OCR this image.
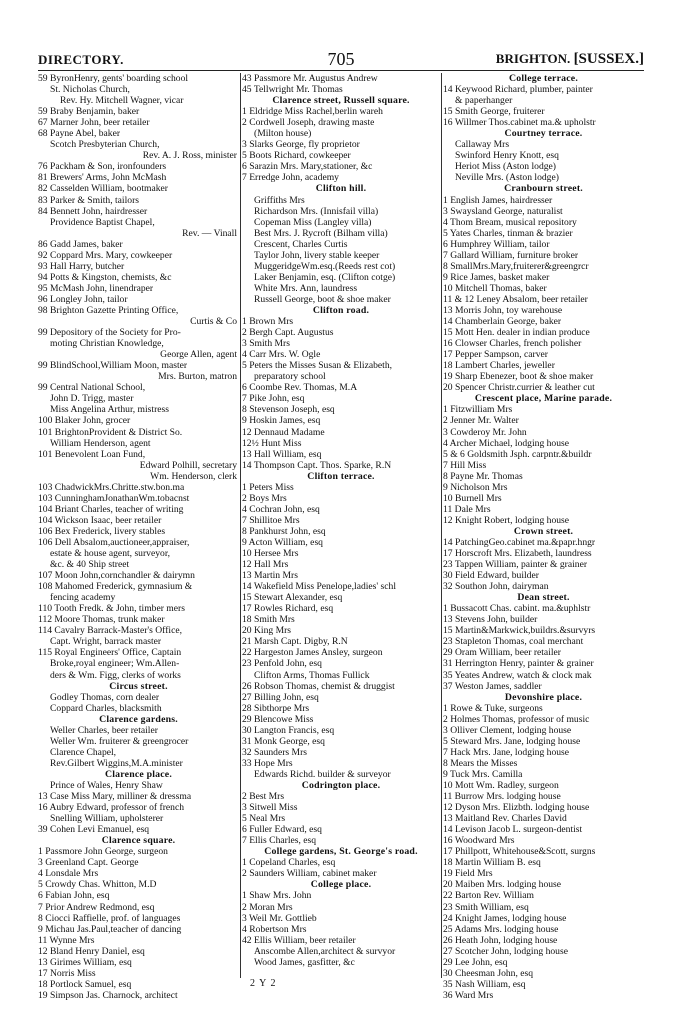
DIRECTORY.	705	BRIGHTON. [SUSSEX.]
59 ByronHenry, gents' boarding school
St. Nicholas Church,
Rev. Hy. Mitchell Wagner, vicar
59 Braby Benjamin, baker
67 Marner John, beer retailer
68 Payne Abel, baker
Scotch Presbyterian Church,
Rev. A. J. Ross, minister
76 Packham & Son, ironfounders
81 Brewers' Arms, John McMash
82 Casselden William, bootmaker
83 Parker & Smith, tailors
84 Bennett John, hairdresser
Providence Baptist Chapel,
Rev. — Vinall
86 Gadd James, baker
92 Coppard Mrs. Mary, cowkeeper
93 Hall Harry, butcher
94 Potts & Kingston, chemists, &c
95 McMash John, linendraper
96 Longley John, tailor
98 Brighton Gazette Printing Office,
Curtis & Co
99 Depository of the Society for Pro-
moting Christian Knowledge,
George Allen, agent
99 BlindSchool,William Moon, master
Mrs. Burton, matron
99 Central National School,
John D. Trigg, master
Miss Angelina Arthur, mistress
100 Blaker John, grocer
101 BrightonProvident & District So.
William Henderson, agent
101 Benevolent Loan Fund,
Edward Polhill, secretary
Wm. Henderson, clerk
103 ChadwickMrs.Chritte.stw.bon.ma
103 CunninghamJonathanWm.tobacnst
104 Briant Charles, teacher of writing
104 Wickson Isaac, beer retailer
106 Bex Frederick, livery stables
106 Dell Absalom,auctioneer,appraiser,
estate & house agent, surveyor,
&c. & 40 Ship street
107 Moon John,cornchandler & dairymn
108 Mahomed Frederick, gymnasium &
fencing academy
110 Tooth Fredk. & John, timber mers
112 Moore Thomas, trunk maker
114 Cavalry Barrack-Master's Office,
Capt. Wright, barrack master
115 Royal Engineers' Office, Captain
Broke,royal engineer; Wm.Allen-
ders & Wm. Figg, clerks of works
Circus street.
Godley Thomas, corn dealer
Coppard Charles, blacksmith
Clarence gardens.
Weller Charles, beer retailer
Weller Wm. fruiterer & greengrocer
Clarence Chapel,
Rev.Gilbert Wiggins,M.A.minister
Clarence place.
Prince of Wales, Henry Shaw
13 Case Miss Mary, milliner & dressma
16 Aubry Edward, professor of french
Snelling William, upholsterer
39 Cohen Levi Emanuel, esq
Clarence square.
1 Passmore John George, surgeon
3 Greenland Capt. George
4 Lonsdale Mrs
5 Crowdy Chas. Whitton, M.D
6 Fabian John, esq
7 Prior Andrew Redmond, esq
8 Ciocci Raffielle, prof. of languages
9 Michau Jas.Paul,teacher of dancing
11 Wynne Mrs
12 Bland Henry Daniel, esq
13 Girimes William, esq
17 Norris Miss
18 Portlock Samuel, esq
19 Simpson Jas. Charnock, architect
43 Passmore Mr. Augustus Andrew
45 Tellwright Mr. Thomas
Clarence street, Russell square.
1 Eldridge Miss Rachel,berlin wareh
2 Cordwell Joseph, drawing maste
(Milton house)
3 Slarks George, fly proprietor
5 Boots Richard, cowkeeper
6 Sarazin Mrs. Mary,stationer, &c
7 Erredge John, academy
Clifton hill.
Griffiths Mrs
Richardson Mrs. (Innisfail villa)
Copeman Miss (Langley villa)
Best Mrs. J. Rycroft (Bilham villa)
Crescent, Charles Curtis
Taylor John, livery stable keeper
MuggeridgeWm.esq.(Reeds rest cot)
Laker Benjamin, esq. (Clifton cotge)
White Mrs. Ann, laundress
Russell George, boot & shoe maker
Clifton road.
1 Brown Mrs
2 Bergh Capt. Augustus
3 Smith Mrs
4 Carr Mrs. W. Ogle
5 Peters the Misses Susan & Elizabeth,
preparatory school
6 Coombe Rev. Thomas, M.A
7 Pike John, esq
8 Stevenson Joseph, esq
9 Hoskin James, esq
12 Dennaud Madame
12½ Hunt Miss
13 Hall William, esq
14 Thompson Capt. Thos. Sparke, R.N
Clifton terrace.
1 Peters Miss
2 Boys Mrs
4 Cochran John, esq
7 Shillitoe Mrs
8 Pankhurst John, esq
9 Acton William, esq
10 Hersee Mrs
12 Hall Mrs
13 Martin Mrs
14 Wakefield Miss Penelope,ladies' schl
15 Stewart Alexander, esq
17 Rowles Richard, esq
18 Smith Mrs
20 King Mrs
21 Marsh Capt. Digby, R.N
22 Hargeston James Ansley, surgeon
23 Penfold John, esq
Clifton Arms, Thomas Fullick
26 Robson Thomas, chemist & druggist
27 Billing John, esq
28 Sibthorpe Mrs
29 Blencowe Miss
30 Langton Francis, esq
31 Monk George, esq
32 Saunders Mrs
33 Hope Mrs
Edwards Richd. builder & surveyor
Codrington place.
2 Best Mrs
3 Sitwell Miss
5 Neal Mrs
6 Fuller Edward, esq
7 Ellis Charles, esq
College gardens, St. George's road.
1 Copeland Charles, esq
2 Saunders William, cabinet maker
College place.
1 Shaw Mrs. John
2 Moran Mrs
3 Weil Mr. Gottlieb
4 Robertson Mrs
42 Ellis William, beer retailer
Anscombe Allen,architect & survyor
Wood James, gasfitter, &c
College terrace.
14 Keywood Richard, plumber, painter
& paperhanger
15 Smith George, fruiterer
16 Willmer Thos.cabinet ma.& upholstr
Courtney terrace.
Callaway Mrs
Swinford Henry Knott, esq
Heriot Miss (Aston lodge)
Neville Mrs. (Aston lodge)
Cranbourn street.
1 English James, hairdresser
3 Swaysland George, naturalist
4 Thom Bream, musical repository
5 Yates Charles, tinman & brazier
6 Humphrey William, tailor
7 Gallard William, furniture broker
8 SmallMrs.Mary,fruiterer&greengrcr
9 Rice James, basket maker
10 Mitchell Thomas, baker
11 & 12 Leney Absalom, beer retailer
13 Morris John, toy warehouse
14 Chamberlain George, baker
15 Mott Hen. dealer in indian produce
16 Clowser Charles, french polisher
17 Pepper Sampson, carver
18 Lambert Charles, jeweller
19 Sharp Ebenezer, boot & shoe maker
20 Spencer Christr.currier & leather cut
Crescent place, Marine parade.
1 Fitzwilliam Mrs
2 Jenner Mr. Walter
3 Cowderoy Mr. John
4 Archer Michael, lodging house
5 & 6 Goldsmith Jsph. carpntr.&buildr
7 Hill Miss
8 Payne Mr. Thomas
9 Nicholson Mrs
10 Burnell Mrs
11 Dale Mrs
12 Knight Robert, lodging house
Crown street.
14 PatchingGeo.cabinet ma.&papr.hngr
17 Horscroft Mrs. Elizabeth, laundress
23 Tappen William, painter & grainer
30 Field Edward, builder
32 Southon John, dairyman
Dean street.
1 Bussacott Chas. cabint. ma.&uphlstr
13 Stevens John, builder
15 Martin&Markwick,buildrs.&survyrs
23 Stapleton Thomas, coal merchant
29 Oram William, beer retailer
31 Herrington Henry, painter & grainer
35 Yeates Andrew, watch & clock mak
37 Weston James, saddler
Devonshire place.
1 Rowe & Tuke, surgeons
2 Holmes Thomas, professor of music
3 Olliver Clement, lodging house
5 Steward Mrs. Jane, lodging house
7 Hack Mrs. Jane, lodging house
8 Mears the Misses
9 Tuck Mrs. Camilla
10 Mott Wm. Radley, surgeon
11 Burrow Mrs. lodging house
12 Dyson Mrs. Elizbth. lodging house
13 Maitland Rev. Charles David
14 Levison Jacob L. surgeon-dentist
16 Woodward Mrs
17 Phillpott, Whitehouse&Scott, surgns
18 Martin William B. esq
19 Field Mrs
20 Maiben Mrs. lodging house
22 Barton Rev. William
23 Smith William, esq
24 Knight James, lodging house
25 Adams Mrs. lodging house
26 Heath John, lodging house
27 Scotcher John, lodging house
29 Lee John, esq
30 Cheesman John, esq
35 Nash William, esq
36 Ward Mrs
2 Y 2
